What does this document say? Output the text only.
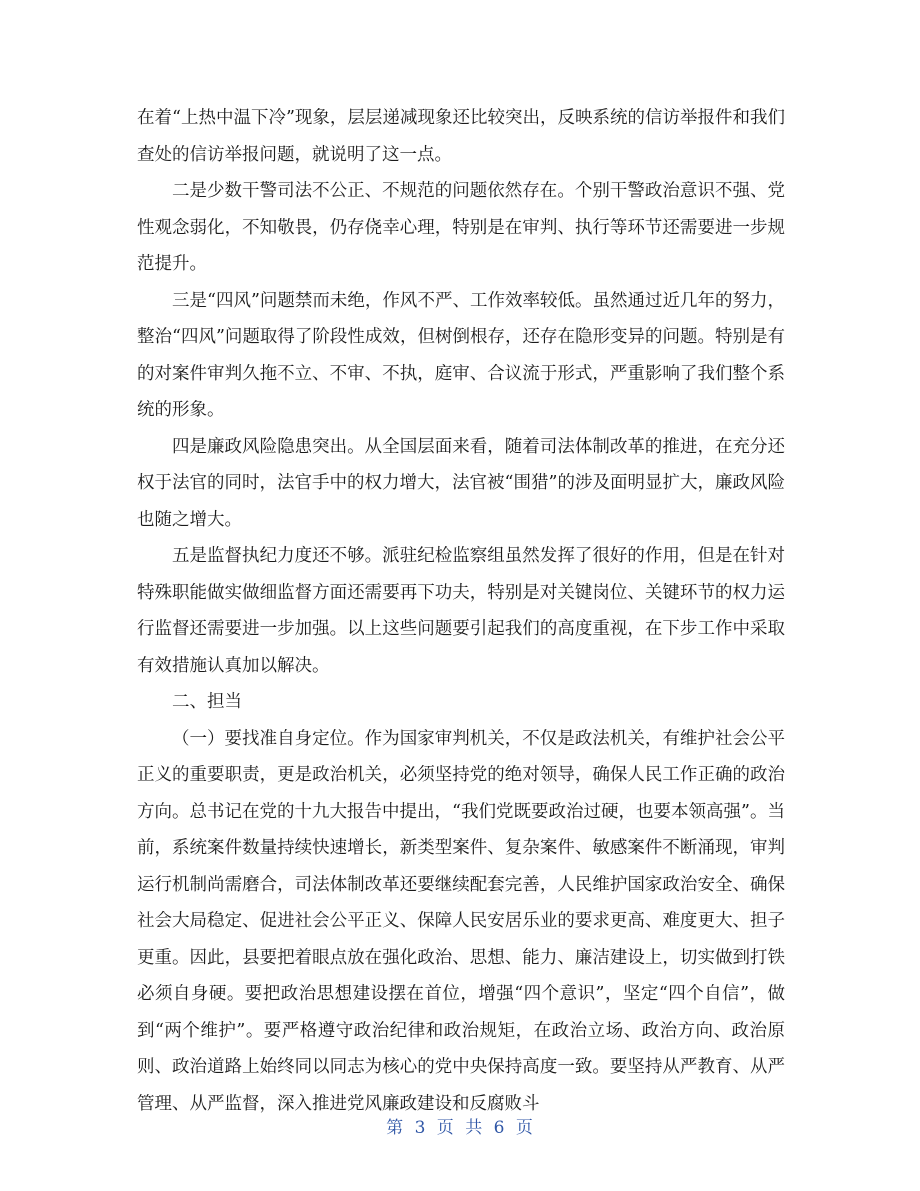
在着“上热中温下冷”现象，层层递减现象还比较突出，反映系统的信访举报件和我们查处的信访举报问题，就说明了这一点。

二是少数干警司法不公正、不规范的问题依然存在。个别干警政治意识不强、党性观念弱化，不知敬畏，仍存侥幸心理，特别是在审判、执行等环节还需要进一步规范提升。

三是“四风”问题禁而未绝，作风不严、工作效率较低。虽然通过近几年的努力，整治“四风”问题取得了阶段性成效，但树倒根存，还存在隐形变异的问题。特别是有的对案件审判久拖不立、不审、不执，庭审、合议流于形式，严重影响了我们整个系统的形象。

四是廉政风险隐患突出。从全国层面来看，随着司法体制改革的推进，在充分还权于法官的同时，法官手中的权力增大，法官被“围猎”的涉及面明显扩大，廉政风险也随之增大。

五是监督执纪力度还不够。派驻纪检监察组虽然发挥了很好的作用，但是在针对特殊职能做实做细监督方面还需要再下功夫，特别是对关键岗位、关键环节的权力运行监督还需要进一步加强。以上这些问题要引起我们的高度重视，在下步工作中采取有效措施认真加以解决。

二、担当

（一）要找准自身定位。作为国家审判机关，不仅是政法机关，有维护社会公平正义的重要职责，更是政治机关，必须坚持党的绝对领导，确保人民工作正确的政治方向。总书记在党的十九大报告中提出，“我们党既要政治过硬，也要本领高强”。当前，系统案件数量持续快速增长，新类型案件、复杂案件、敏感案件不断涌现，审判运行机制尚需磨合，司法体制改革还要继续配套完善，人民维护国家政治安全、确保社会大局稳定、促进社会公平正义、保障人民安居乐业的要求更高、难度更大、担子更重。因此，县要把着眼点放在强化政治、思想、能力、廉洁建设上，切实做到打铁必须自身硬。要把政治思想建设摆在首位，增强“四个意识”，坚定“四个自信”，做到“两个维护”。要严格遵守政治纪律和政治规矩，在政治立场、政治方向、政治原则、政治道路上始终同以同志为核心的党中央保持高度一致。要坚持从严教育、从严管理、从严监督，深入推进党风廉政建设和反腐败斗

第 3 页 共 6 页
